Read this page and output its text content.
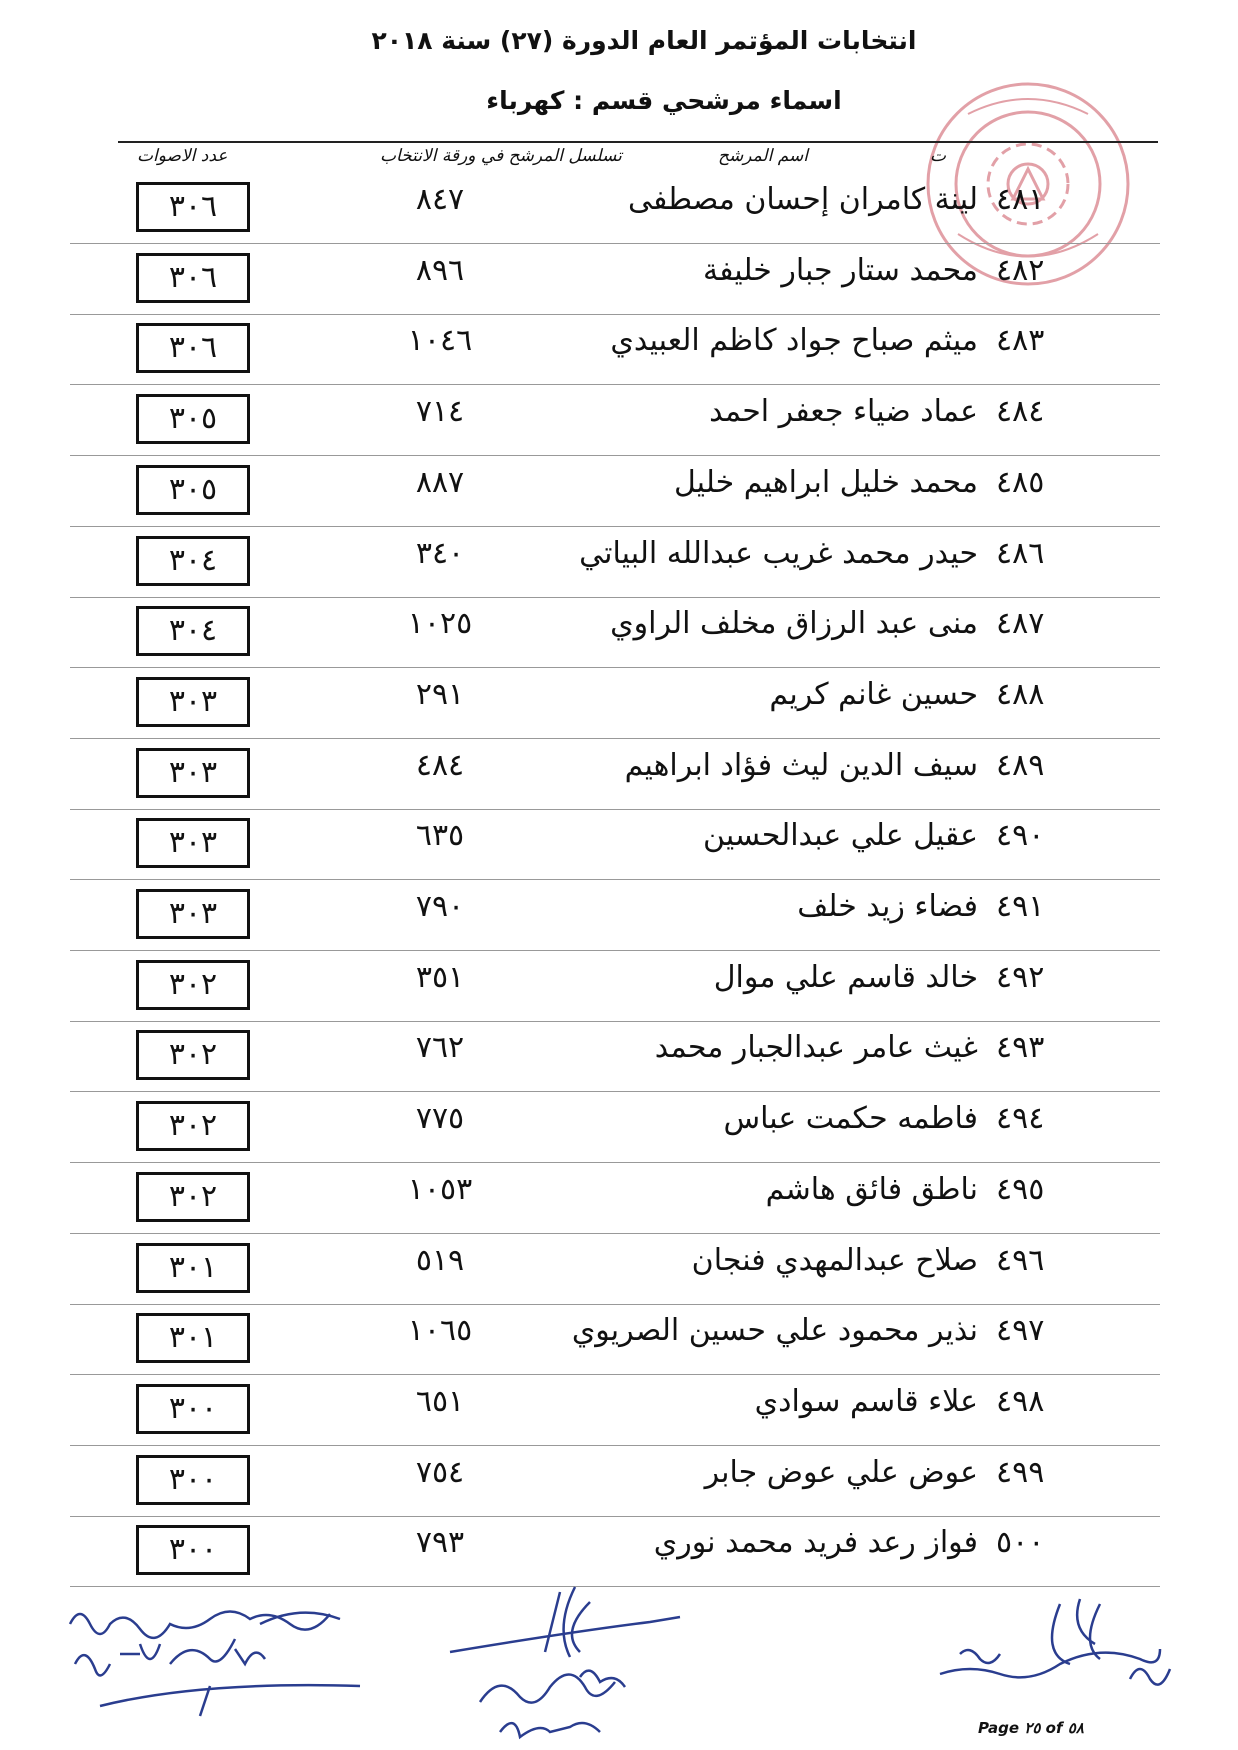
انتخابات المؤتمر العام الدورة (٢٧) سنة ٢٠١٨
اسماء مرشحي قسم : كهرباء
ت
اسم المرشح
تسلسل المرشح في ورقة الانتخاب
عدد الاصوات
٤٨١
لينة كامران إحسان مصطفى
٨٤٧
٣٠٦
٤٨٢
محمد ستار جبار خليفة
٨٩٦
٣٠٦
٤٨٣
ميثم صباح جواد كاظم العبيدي
١٠٤٦
٣٠٦
٤٨٤
عماد ضياء جعفر احمد
٧١٤
٣٠٥
٤٨٥
محمد خليل ابراهيم خليل
٨٨٧
٣٠٥
٤٨٦
حيدر محمد غريب عبدالله البياتي
٣٤٠
٣٠٤
٤٨٧
منى عبد الرزاق مخلف الراوي
١٠٢٥
٣٠٤
٤٨٨
حسين غانم كريم
٢٩١
٣٠٣
٤٨٩
سيف الدين ليث فؤاد ابراهيم
٤٨٤
٣٠٣
٤٩٠
عقيل علي عبدالحسين
٦٣٥
٣٠٣
٤٩١
فضاء زيد خلف
٧٩٠
٣٠٣
٤٩٢
خالد قاسم علي موال
٣٥١
٣٠٢
٤٩٣
غيث عامر عبدالجبار محمد
٧٦٢
٣٠٢
٤٩٤
فاطمه حكمت عباس
٧٧٥
٣٠٢
٤٩٥
ناطق فائق هاشم
١٠٥٣
٣٠٢
٤٩٦
صلاح عبدالمهدي فنجان
٥١٩
٣٠١
٤٩٧
نذير محمود علي حسين الصريوي
١٠٦٥
٣٠١
٤٩٨
علاء قاسم سوادي
٦٥١
٣٠٠
٤٩٩
عوض علي عوض جابر
٧٥٤
٣٠٠
٥٠٠
فواز رعد فريد محمد نوري
٧٩٣
٣٠٠
Page ٢٥ of ٥٨
